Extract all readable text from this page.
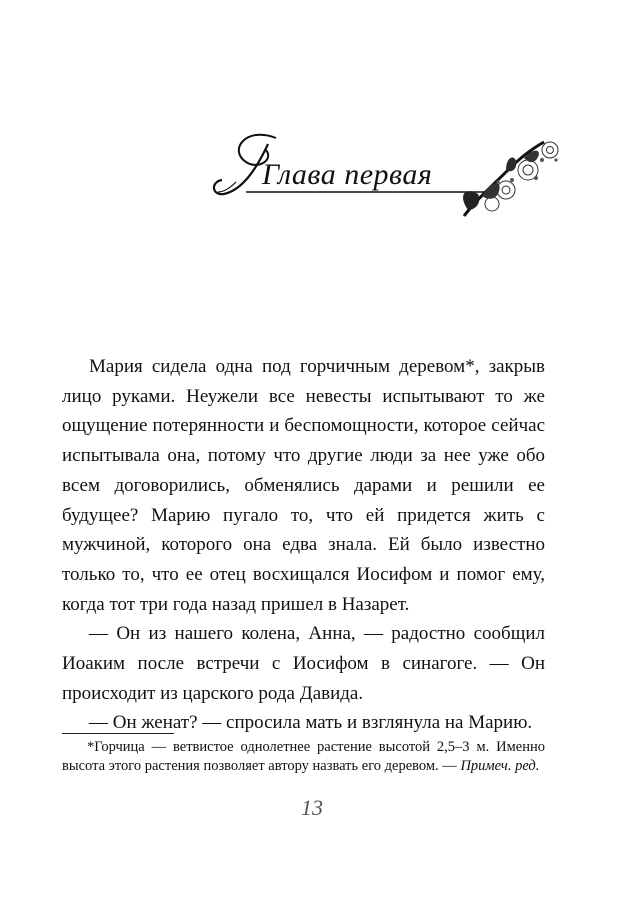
Глава первая

Мария сидела одна под горчичным деревом*, закрыв лицо руками. Неужели все невесты испытывают то же ощущение потерянности и беспомощности, которое сейчас испытывала она, потому что другие люди за нее уже обо всем договорились, обменялись дарами и решили ее будущее? Марию пугало то, что ей придется жить с мужчиной, которого она едва знала. Ей было известно только то, что ее отец восхищался Иосифом и помог ему, когда тот три года назад пришел в Назарет.

— Он из нашего колена, Анна, — радостно сообщил Иоаким после встречи с Иосифом в синагоге. — Он происходит из царского рода Давида.

— Он женат? — спросила мать и взглянула на Марию.

*Горчица — ветвистое однолетнее растение высотой 2,5–3 м. Именно высота этого растения позволяет автору назвать его деревом. — Примеч. ред.

13
